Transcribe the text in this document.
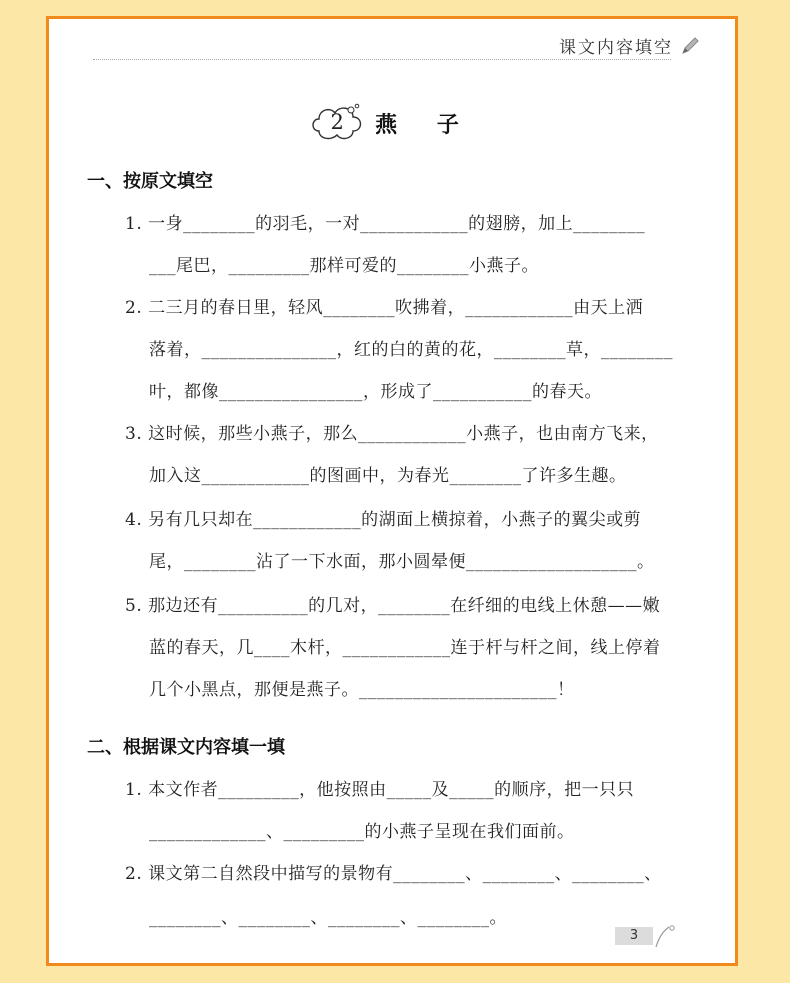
课文内容填空
2	燕 子
一、按原文填空
1. 一身________的羽毛，一对____________的翅膀，加上________
___尾巴，_________那样可爱的________小燕子。
2. 二三月的春日里，轻风________吹拂着，____________由天上洒
落着，_______________，红的白的黄的花，________草，________
叶，都像________________，形成了___________的春天。
3. 这时候，那些小燕子，那么____________小燕子，也由南方飞来，
加入这____________的图画中，为春光________了许多生趣。
4. 另有几只却在____________的湖面上横掠着，小燕子的翼尖或剪
尾，________沾了一下水面，那小圆晕便___________________。
5. 那边还有__________的几对，________在纤细的电线上休憩——嫩
蓝的春天，几____木杆，____________连于杆与杆之间，线上停着
几个小黑点，那便是燕子。______________________！
二、根据课文内容填一填
1. 本文作者_________，他按照由_____及_____的顺序，把一只只
_____________、_________的小燕子呈现在我们面前。
2. 课文第二自然段中描写的景物有________、________、________、
________、________、________、________。
3
